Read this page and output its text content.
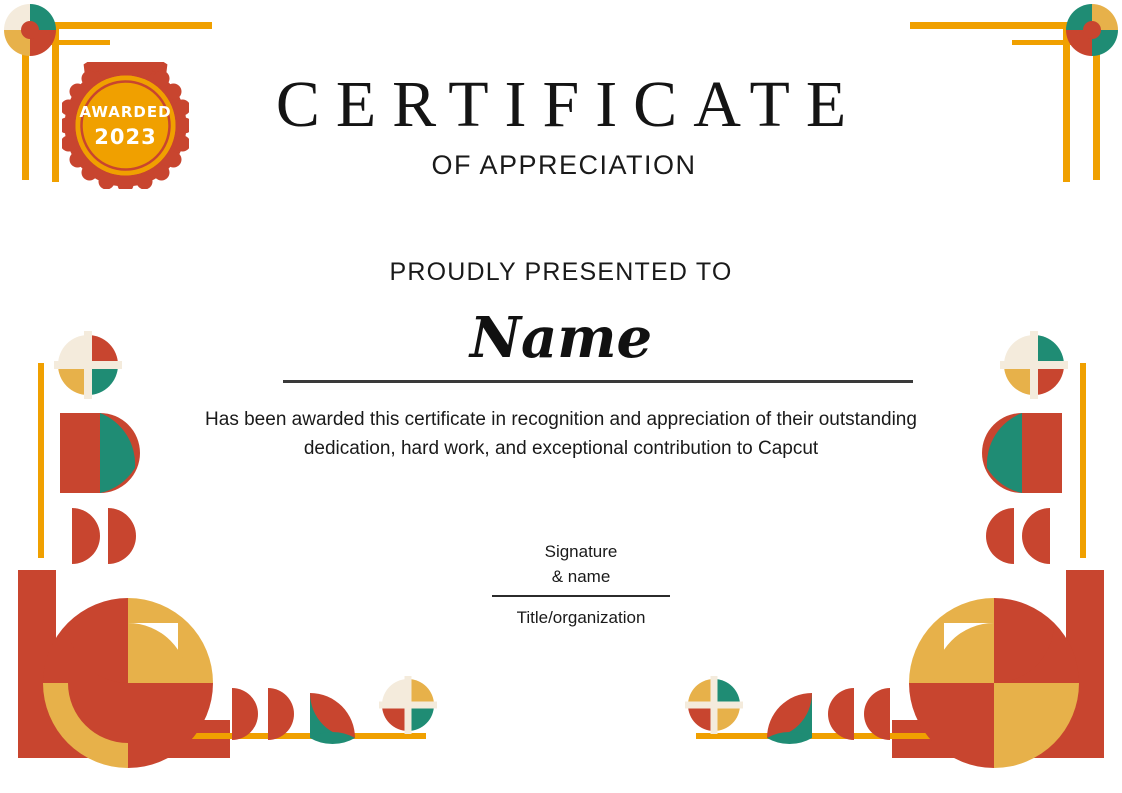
AWARDED
2023	CERTIFICATE
OF APPRECIATION
PROUDLY PRESENTED TO
Name
Has been awarded this certificate in recognition and appreciation of their outstanding dedication, hard work, and exceptional contribution to Capcut
Signature
& name
Title/organization
